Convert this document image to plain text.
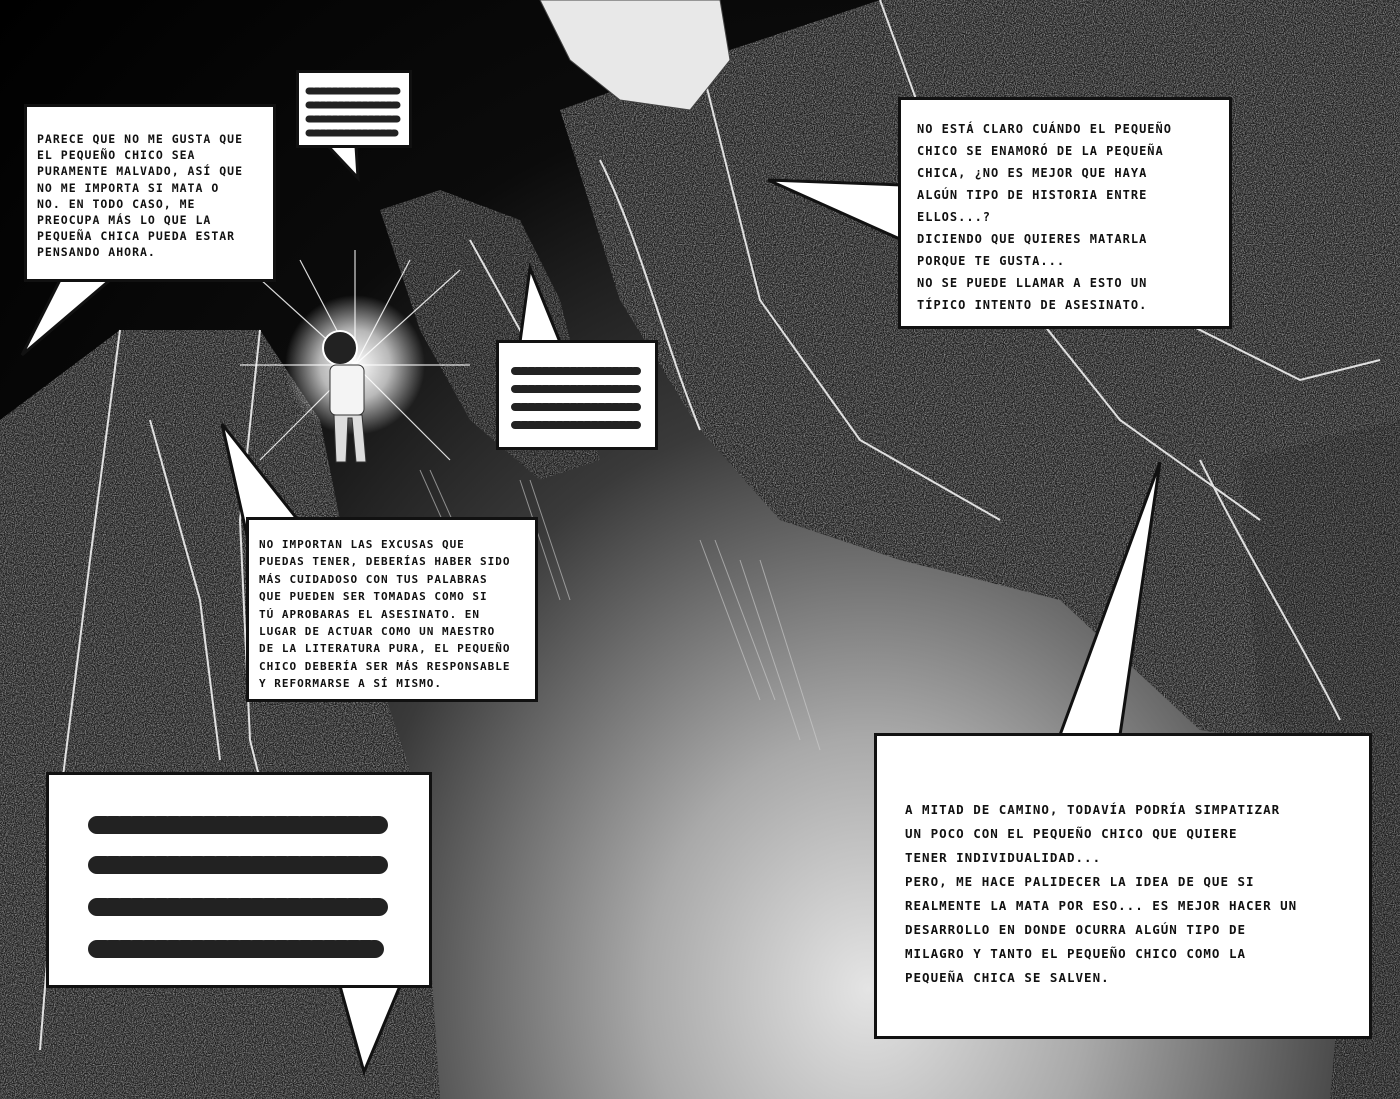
PARECE QUE NO ME GUSTA QUE
EL PEQUEÑO CHICO SEA
PURAMENTE MALVADO, ASÍ QUE
NO ME IMPORTA SI MATA O
NO. EN TODO CASO, ME
PREOCUPA MÁS LO QUE LA
PEQUEÑA CHICA PUEDA ESTAR
PENSANDO AHORA.
NO ESTÁ CLARO CUÁNDO EL PEQUEÑO
CHICO SE ENAMORÓ DE LA PEQUEÑA
CHICA, ¿NO ES MEJOR QUE HAYA
ALGÚN TIPO DE HISTORIA ENTRE
ELLOS...?
DICIENDO QUE QUIERES MATARLA
PORQUE TE GUSTA...
NO SE PUEDE LLAMAR A ESTO UN
TÍPICO INTENTO DE ASESINATO.
NO IMPORTAN LAS EXCUSAS QUE
PUEDAS TENER, DEBERÍAS HABER SIDO
MÁS CUIDADOSO CON TUS PALABRAS
QUE PUEDEN SER TOMADAS COMO SI
TÚ APROBARAS EL ASESINATO. EN
LUGAR DE ACTUAR COMO UN MAESTRO
DE LA LITERATURA PURA, EL PEQUEÑO
CHICO DEBERÍA SER MÁS RESPONSABLE
Y REFORMARSE A SÍ MISMO.
A MITAD DE CAMINO, TODAVÍA PODRÍA SIMPATIZAR
UN POCO CON EL PEQUEÑO CHICO QUE QUIERE
TENER INDIVIDUALIDAD...
PERO, ME HACE PALIDECER LA IDEA DE QUE SI
REALMENTE LA MATA POR ESO... ES MEJOR HACER UN
DESARROLLO EN DONDE OCURRA ALGÚN TIPO DE
MILAGRO Y TANTO EL PEQUEÑO CHICO COMO LA
PEQUEÑA CHICA SE SALVEN.
